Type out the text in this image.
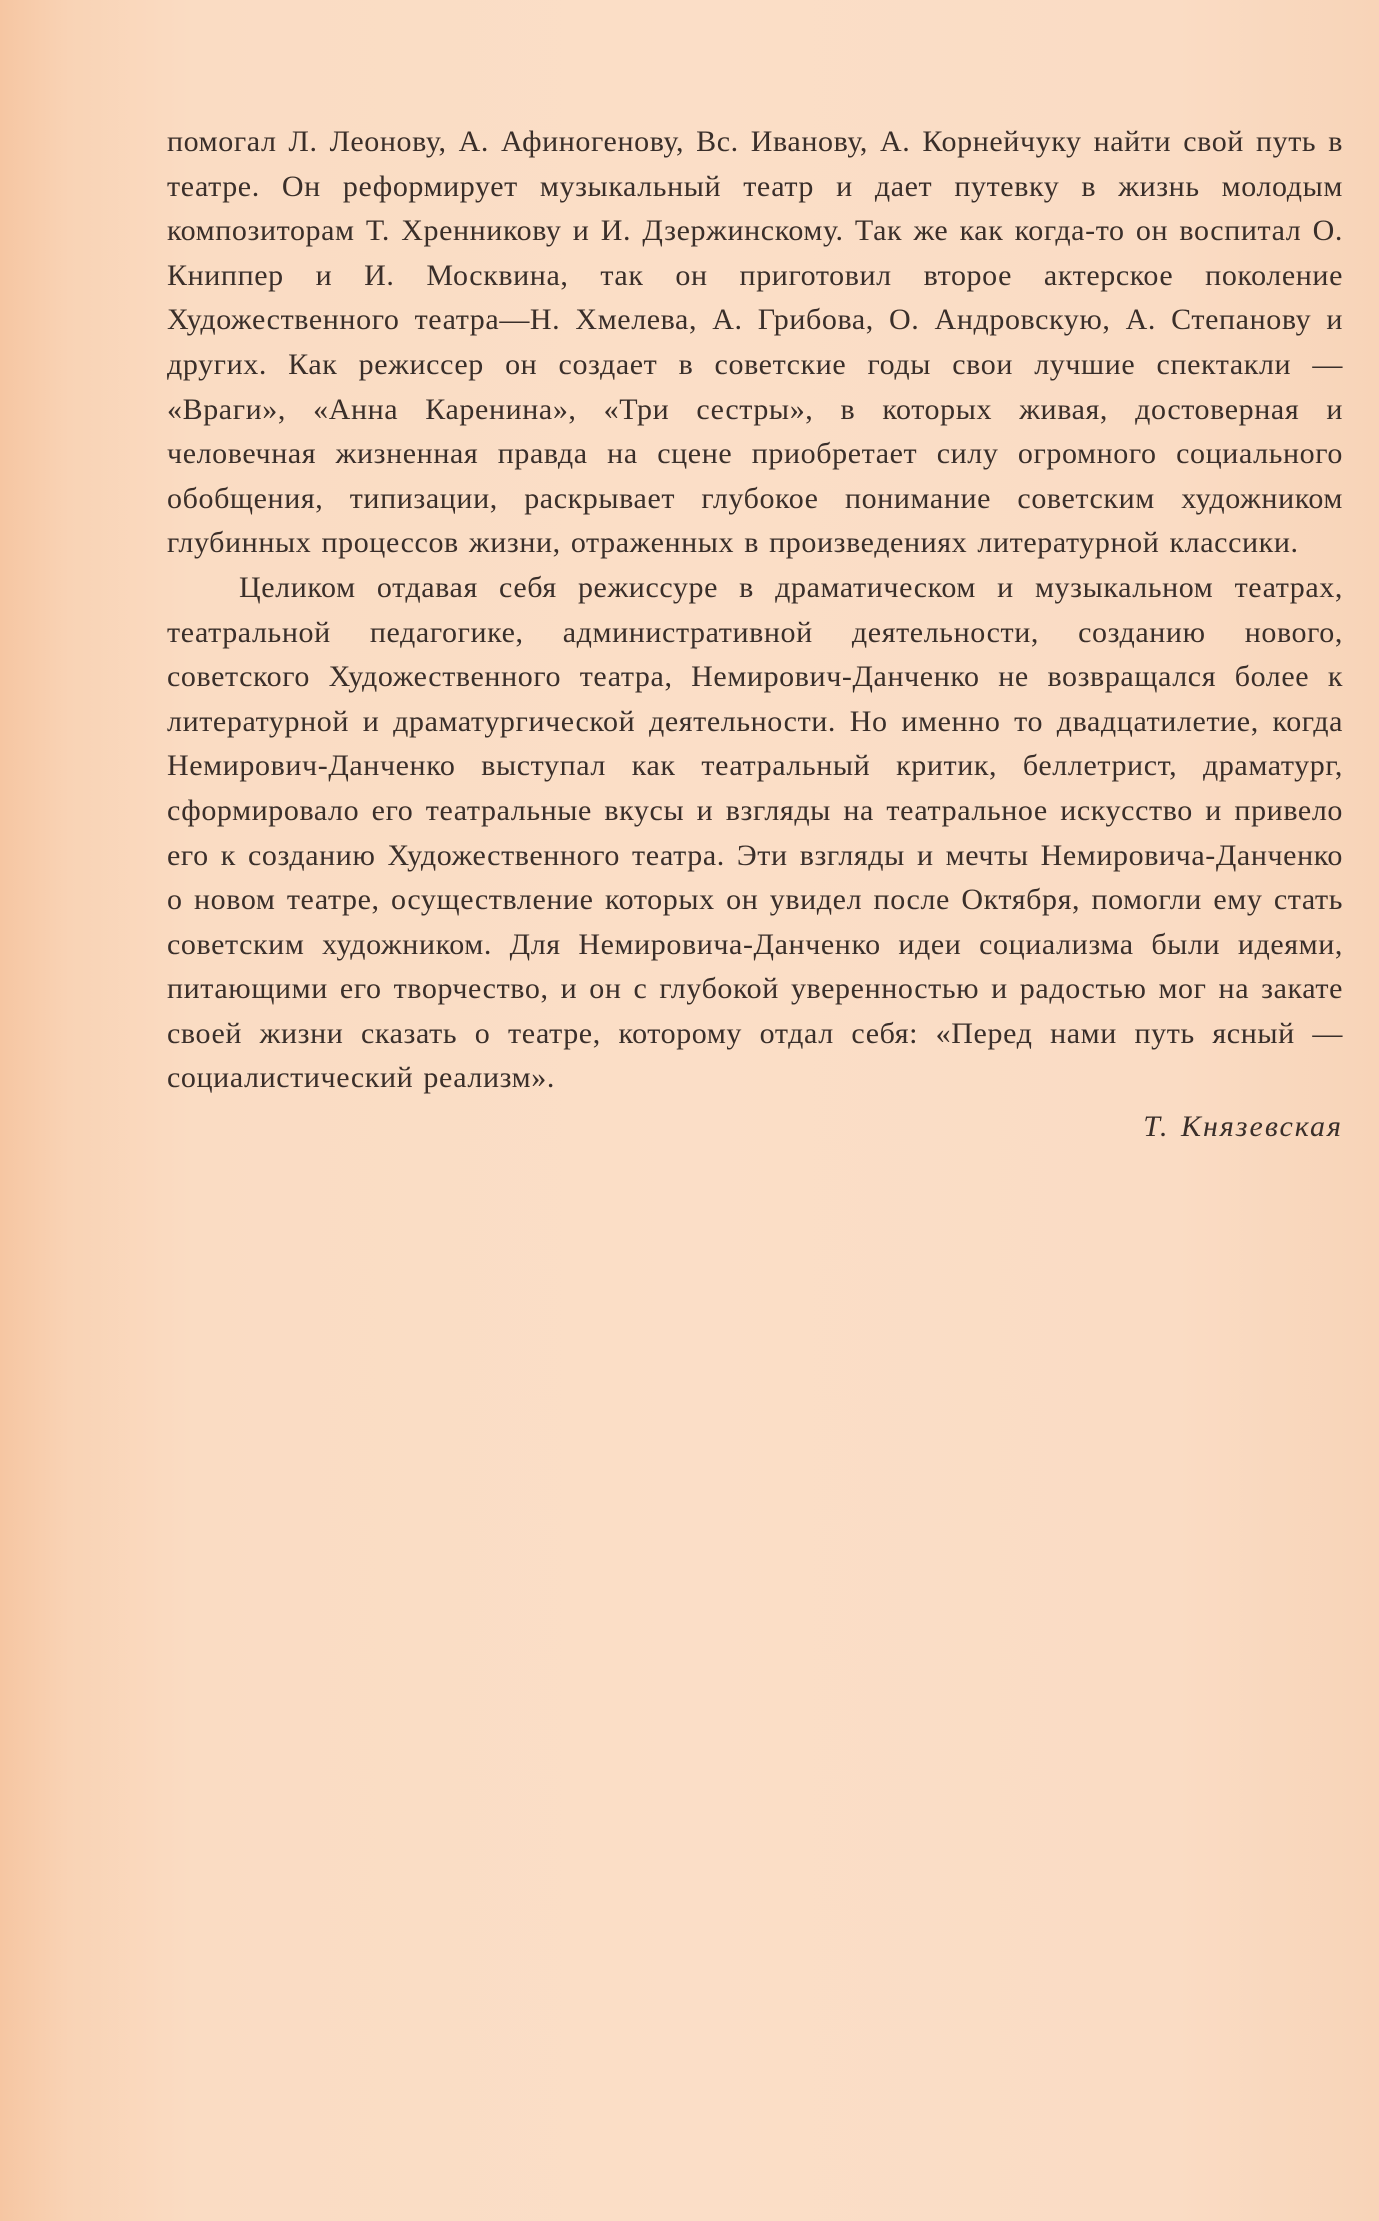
помогал Л. Леонову, А. Афиногенову, Вс. Иванову, А. Корнейчуку найти свой путь в театре. Он реформирует музыкальный театр и дает путевку в жизнь молодым композиторам Т. Хренникову и И. Дзержинскому. Так же как когда-то он воспитал О. Книппер и И. Москвина, так он приготовил второе актерское поколение Художественного театра—Н. Хмелева, А. Грибова, О. Андровскую, А. Степанову и других. Как режиссер он создает в советские годы свои лучшие спектакли — «Враги», «Анна Каренина», «Три сестры», в которых живая, достоверная и человечная жизненная правда на сцене приобретает силу огромного социального обобщения, типизации, раскрывает глубокое понимание советским художником глубинных процессов жизни, отраженных в произведениях литературной классики.

Целиком отдавая себя режиссуре в драматическом и музыкальном театрах, театральной педагогике, административной деятельности, созданию нового, советского Художественного театра, Немирович-Данченко не возвращался более к литературной и драматургической деятельности. Но именно то двадцатилетие, когда Немирович-Данченко выступал как театральный критик, беллетрист, драматург, сформировало его театральные вкусы и взгляды на театральное искусство и привело его к созданию Художественного театра. Эти взгляды и мечты Немировича-Данченко о новом театре, осуществление которых он увидел после Октября, помогли ему стать советским художником. Для Немировича-Данченко идеи социализма были идеями, питающими его творчество, и он с глубокой уверенностью и радостью мог на закате своей жизни сказать о театре, которому отдал себя: «Перед нами путь ясный — социалистический реализм».

Т. Князевская
